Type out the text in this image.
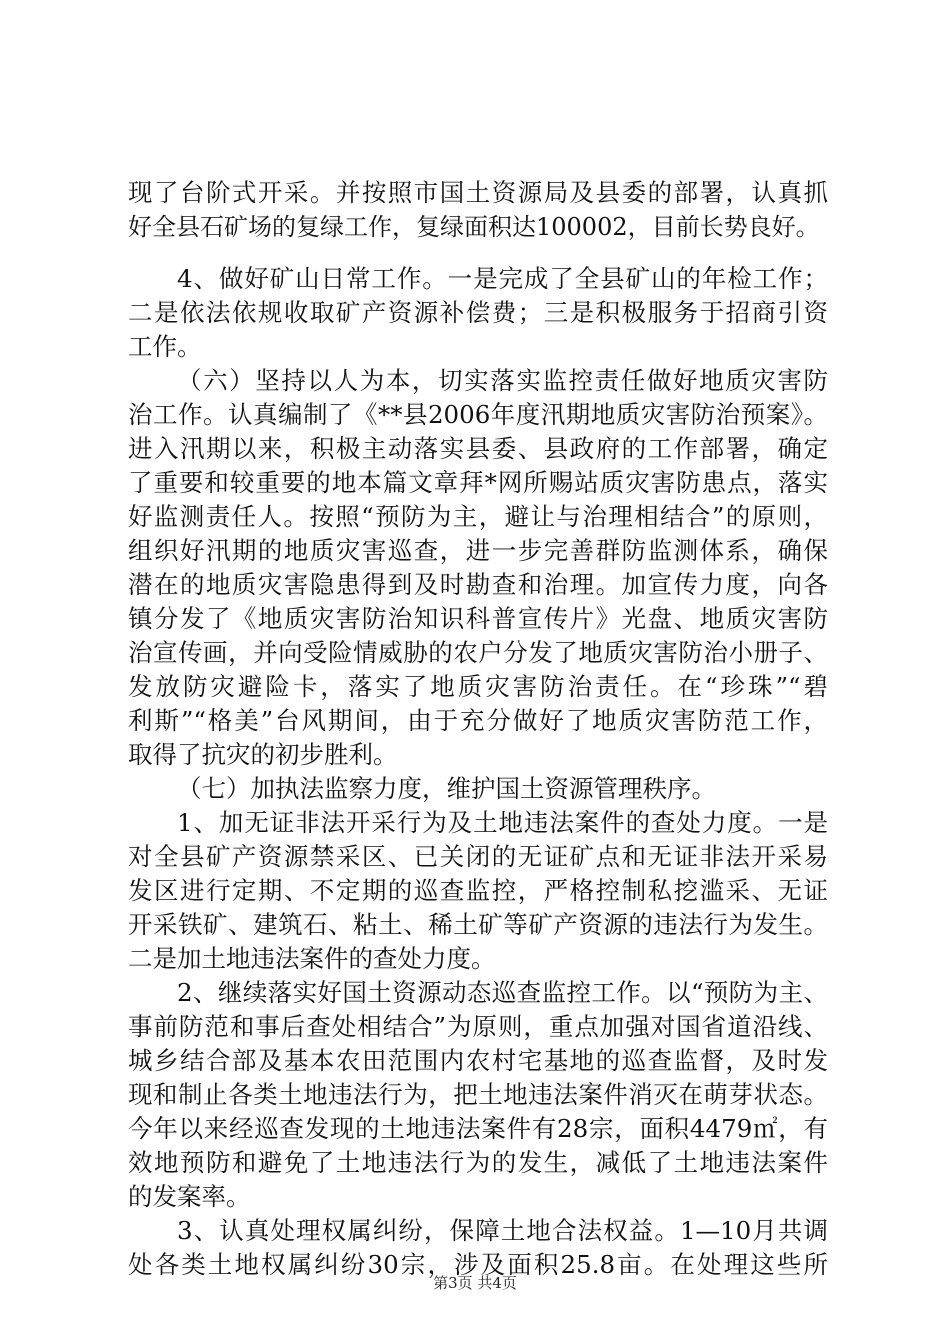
现了台阶式开采。并按照市国土资源局及县委的部署，认真抓
好全县石矿场的复绿工作，复绿面积达100002，目前长势良好。
4、做好矿山日常工作。一是完成了全县矿山的年检工作；
二是依法依规收取矿产资源补偿费；三是积极服务于招商引资
工作。
（六）坚持以人为本，切实落实监控责任做好地质灾害防
治工作。认真编制了《**县2006年度汛期地质灾害防治预案》。
进入汛期以来，积极主动落实县委、县政府的工作部署，确定
了重要和较重要的地本篇文章拜*网所赐站质灾害防患点，落实
好监测责任人。按照“预防为主，避让与治理相结合”的原则，
组织好汛期的地质灾害巡查，进一步完善群防监测体系，确保
潜在的地质灾害隐患得到及时勘查和治理。加宣传力度，向各
镇分发了《地质灾害防治知识科普宣传片》光盘、地质灾害防
治宣传画，并向受险情威胁的农户分发了地质灾害防治小册子、
发放防灾避险卡，落实了地质灾害防治责任。在“珍珠”“碧
利斯”“格美”台风期间，由于充分做好了地质灾害防范工作，
取得了抗灾的初步胜利。
（七）加执法监察力度，维护国土资源管理秩序。
1、加无证非法开采行为及土地违法案件的查处力度。一是
对全县矿产资源禁采区、已关闭的无证矿点和无证非法开采易
发区进行定期、不定期的巡查监控，严格控制私挖滥采、无证
开采铁矿、建筑石、粘土、稀土矿等矿产资源的违法行为发生。
二是加土地违法案件的查处力度。
2、继续落实好国土资源动态巡查监控工作。以“预防为主、
事前防范和事后查处相结合”为原则，重点加强对国省道沿线、
城乡结合部及基本农田范围内农村宅基地的巡查监督，及时发
现和制止各类土地违法行为，把土地违法案件消灭在萌芽状态。
今年以来经巡查发现的土地违法案件有28宗，面积4479㎡，有
效地预防和避免了土地违法行为的发生，减低了土地违法案件
的发案率。
3、认真处理权属纠纷，保障土地合法权益。1—10月共调
处各类土地权属纠纷30宗，涉及面积25.8亩。在处理这些所
第3页 共4页
